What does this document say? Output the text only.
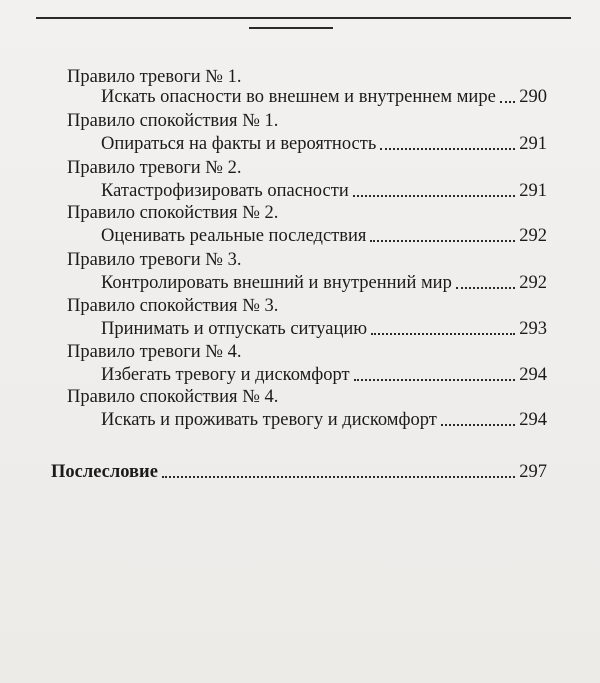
Правило тревоги № 1.
Искать опасности во внешнем и внутреннем мире 290
Правило спокойствия № 1.
Опираться на факты и вероятность	291
Правило тревоги № 2.
Катастрофизировать опасности	291
Правило спокойствия № 2.
Оценивать реальные последствия	292
Правило тревоги № 3.
Контролировать внешний и внутренний мир	292
Правило спокойствия № 3.
Принимать и отпускать ситуацию	293
Правило тревоги № 4.
Избегать тревогу и дискомфорт	294
Правило спокойствия № 4.
Искать и проживать тревогу и дискомфорт	294
Послесловие	297
